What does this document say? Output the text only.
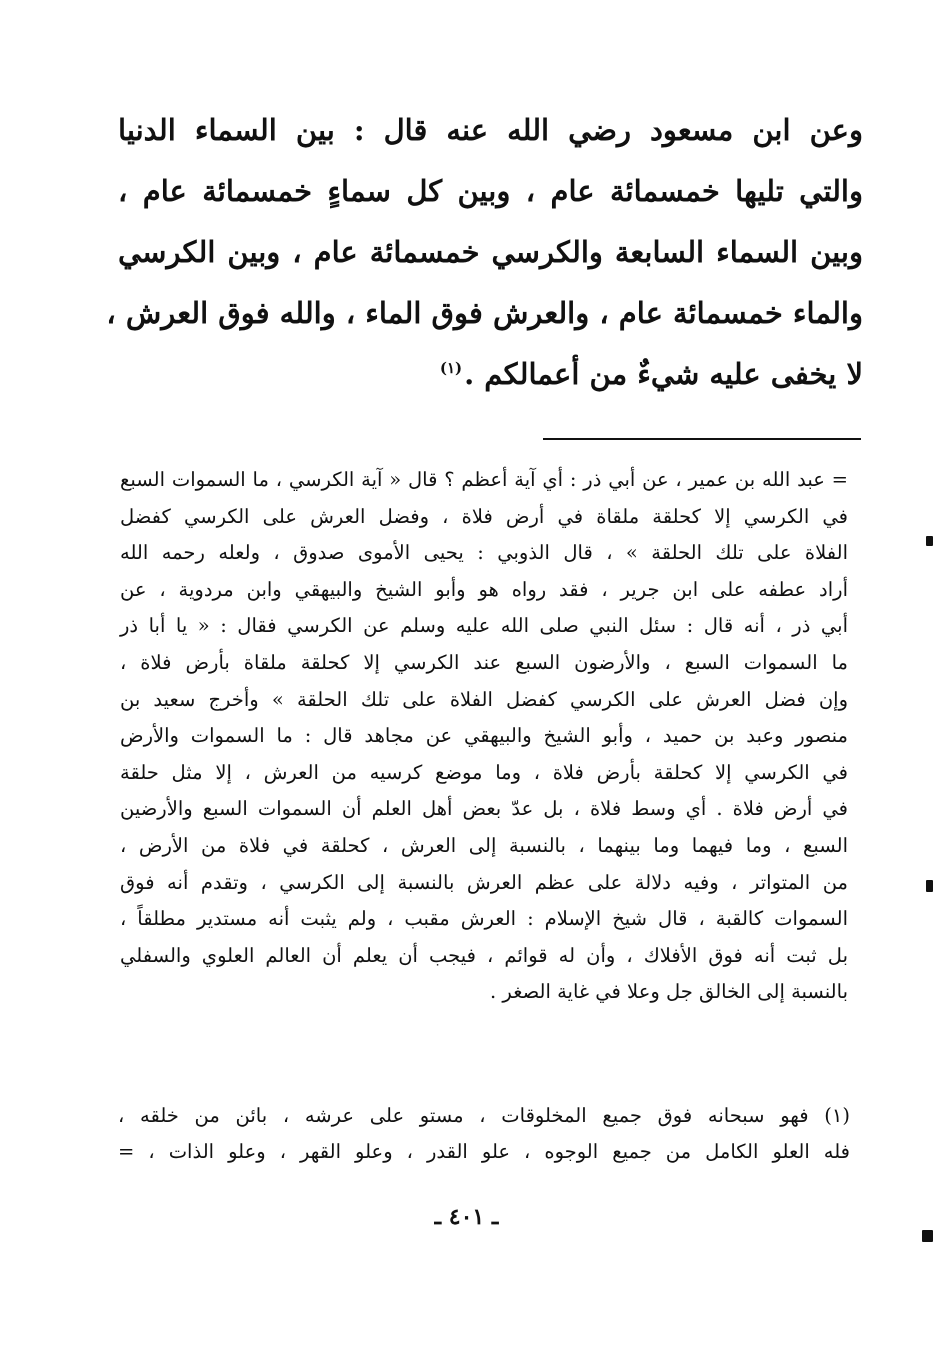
وعن ابن مسعود رضي الله عنه قال : بين السماء الدنيا
والتي تليها خمسمائة عام ، وبين كل سماءٍ خمسمائة عام ،
وبين السماء السابعة والكرسي خمسمائة عام ، وبين الكرسي
والماء خمسمائة عام ، والعرش فوق الماء ، والله فوق العرش ،
لا يخفى عليه شيءٌ من أعمالكم .$^{(١)}$
= عبد الله بن عمير ، عن أبي ذر : أي آية أعظم ؟ قال « آية الكرسي ، ما السموات السبع
في الكرسي إلا كحلقة ملقاة في أرض فلاة ، وفضل العرش على الكرسي كفضل
الفلاة على تلك الحلقة » ، قال الذوبي : يحيى الأموى صدوق ، ولعله رحمه الله
أراد عطفه على ابن جرير ، فقد رواه هو وأبو الشيخ والبيهقي وابن مردوية ، عن
أبي ذر ، أنه قال : سئل النبي صلى الله عليه وسلم عن الكرسي فقال : « يا أبا ذر
ما السموات السبع ، والأرضون السبع عند الكرسي إلا كحلقة ملقاة بأرض فلاة ،
وإن فضل العرش على الكرسي كفضل الفلاة على تلك الحلقة » وأخرج سعيد بن
منصور وعبد بن حميد ، وأبو الشيخ والبيهقي عن مجاهد قال : ما السموات والأرض
في الكرسي إلا كحلقة بأرض فلاة ، وما موضع كرسيه من العرش ، إلا مثل حلقة
في أرض فلاة . أي وسط فلاة ، بل عدّ بعض أهل العلم أن السموات السبع والأرضين
السبع ، وما فيهما وما بينهما ، بالنسبة إلى العرش ، كحلقة في فلاة من الأرض ،
من المتواتر ، وفيه دلالة على عظم العرش بالنسبة إلى الكرسي ، وتقدم أنه فوق
السموات كالقبة ، قال شيخ الإسلام : العرش مقبب ، ولم يثبت أنه مستدير مطلقاً ،
بل ثبت أنه فوق الأفلاك ، وأن له قوائم ، فيجب أن يعلم أن العالم العلوي والسفلي
بالنسبة إلى الخالق جل وعلا في غاية الصغر .
(١) فهو سبحانه فوق جميع المخلوقات ، مستو على عرشه ، بائن من خلقه ،
فله العلو الكامل من جميع الوجوه ، علو القدر ، وعلو القهر ، وعلو الذات ، =
ـ ٤٠١ ـ
